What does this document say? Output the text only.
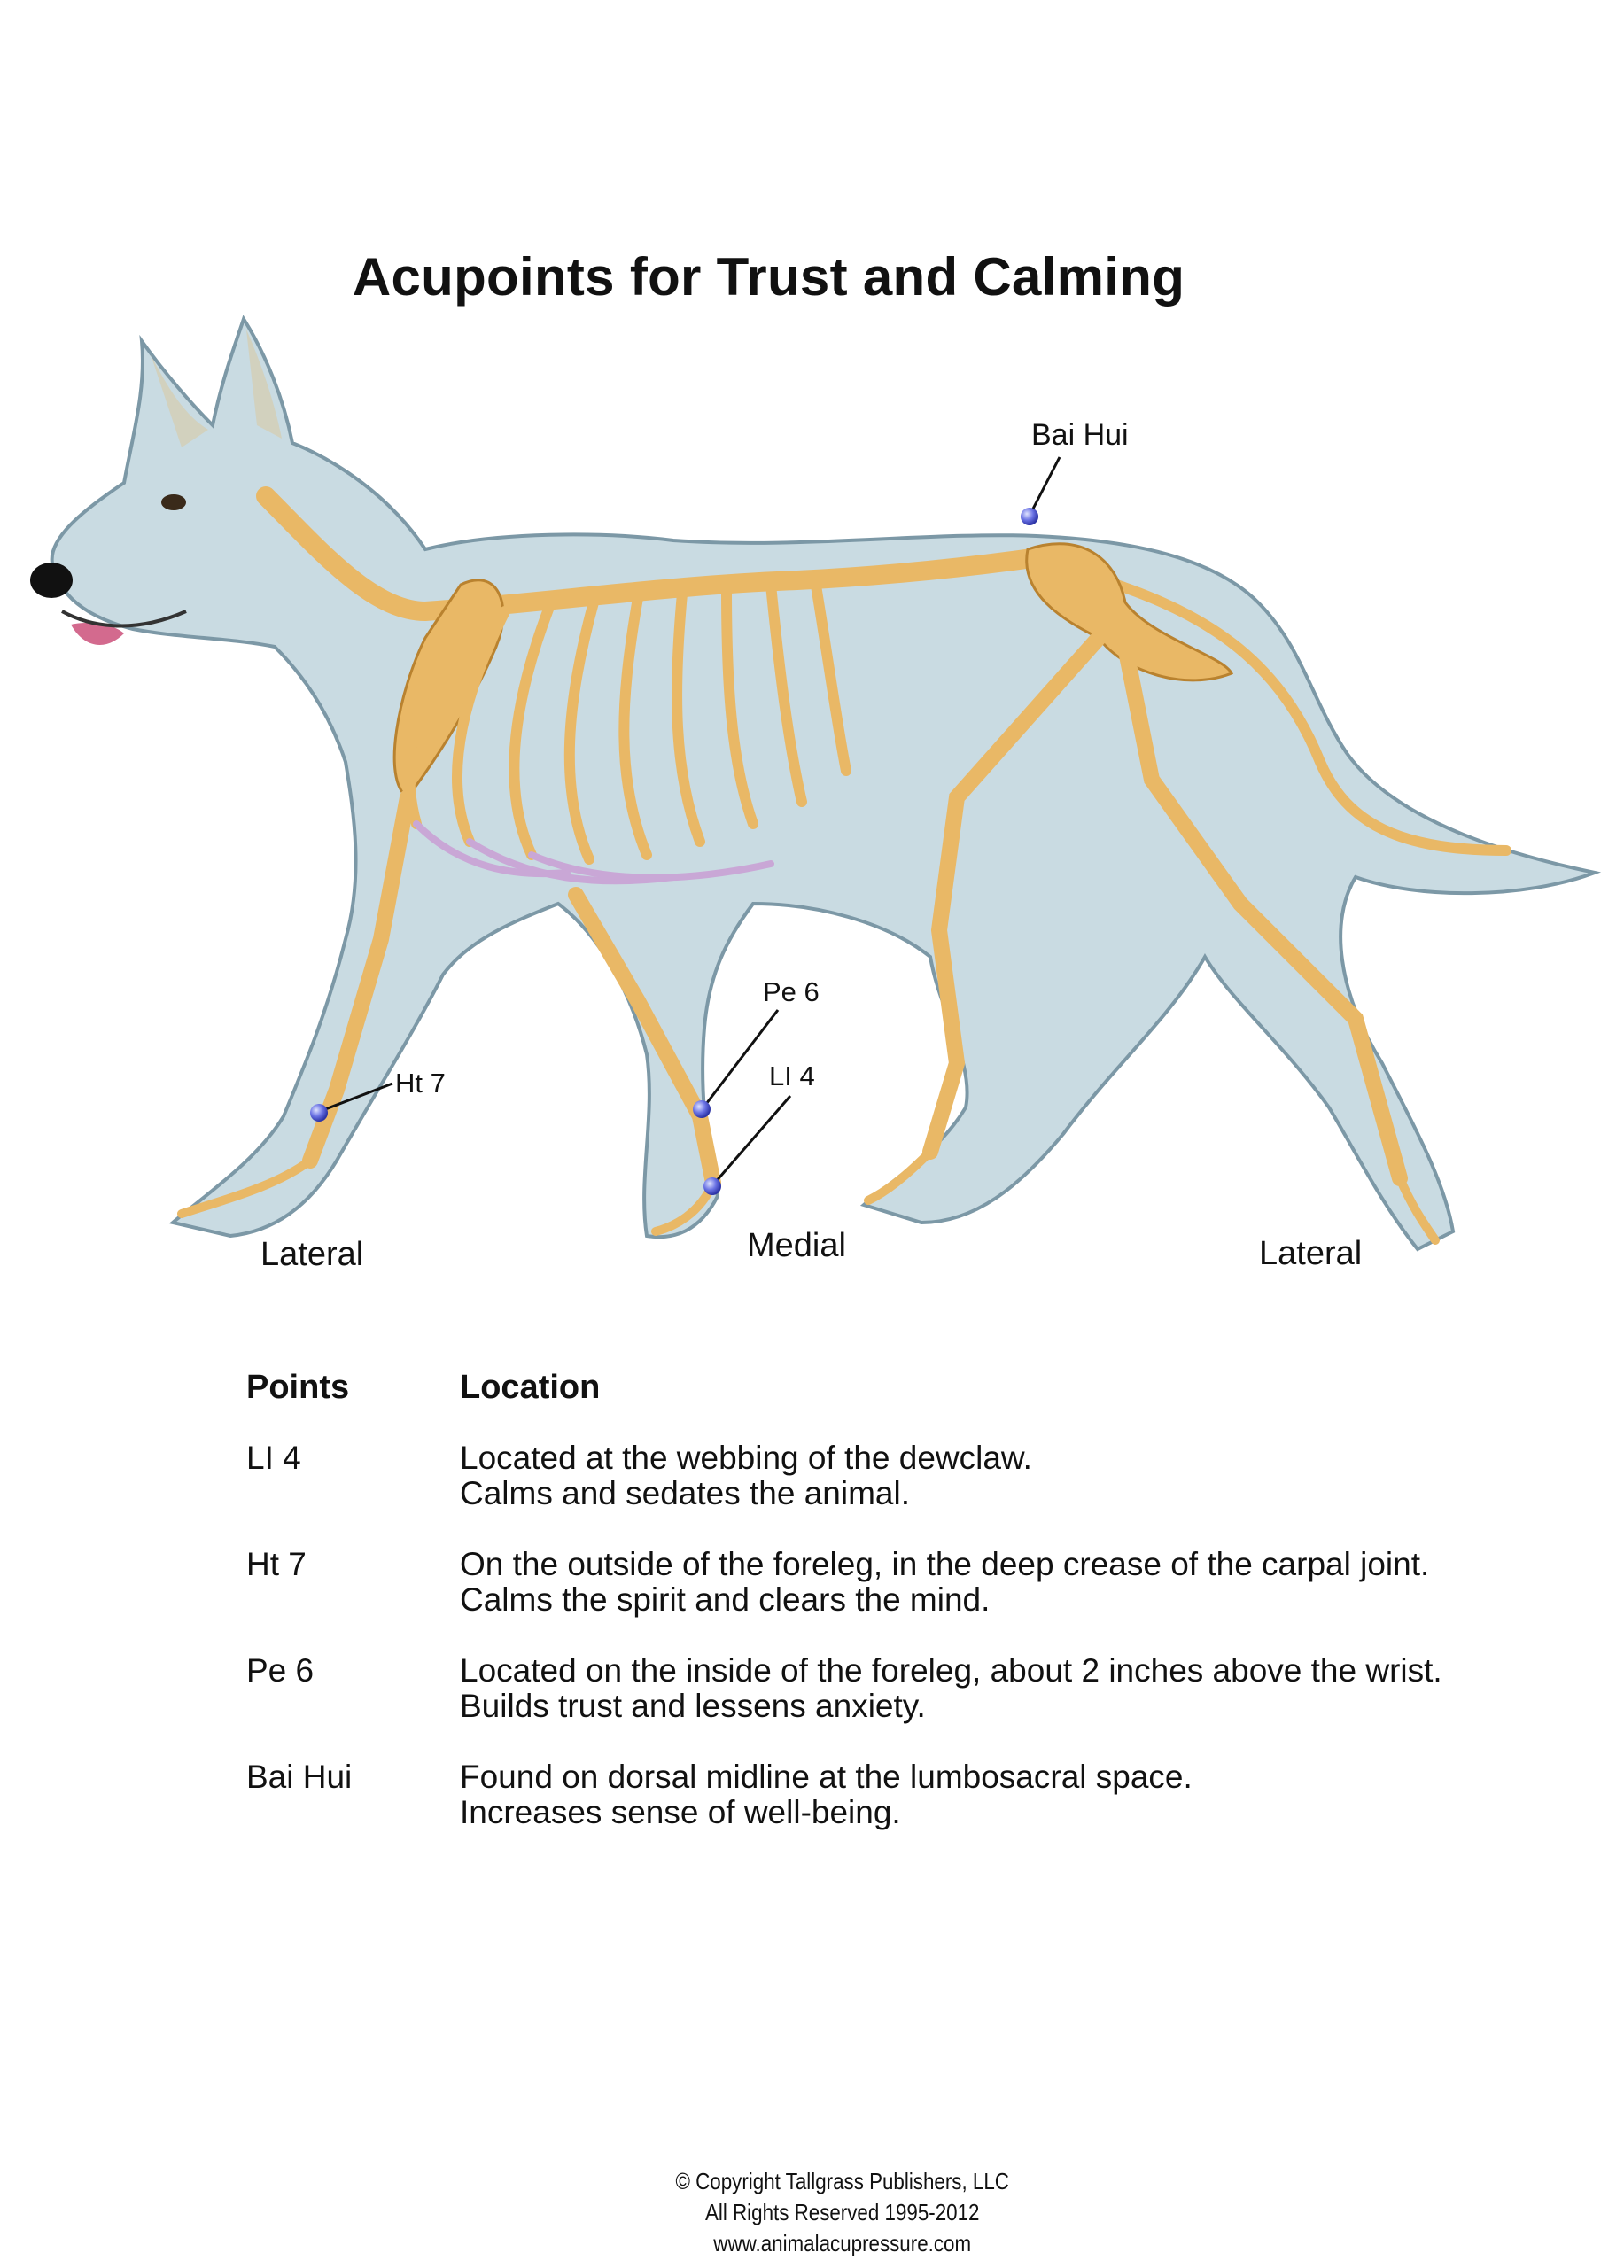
Acupoints for Trust and Calming
Bai Hui
Ht 7
Pe 6
LI 4
Lateral	Medial	Lateral
Points	Location
LI 4	Located at the webbing of the dewclaw.
Calms and sedates the animal.
Ht 7	On the outside of the foreleg, in the deep crease of the carpal joint.
Calms the spirit and clears the mind.
Pe 6	Located on the inside of the foreleg, about 2 inches above the wrist.
Builds trust and lessens anxiety.
Bai Hui	Found on dorsal midline at the lumbosacral space.
Increases sense of well-being.
© Copyright Tallgrass Publishers, LLC
All Rights Reserved 1995-2012
www.animalacupressure.com
